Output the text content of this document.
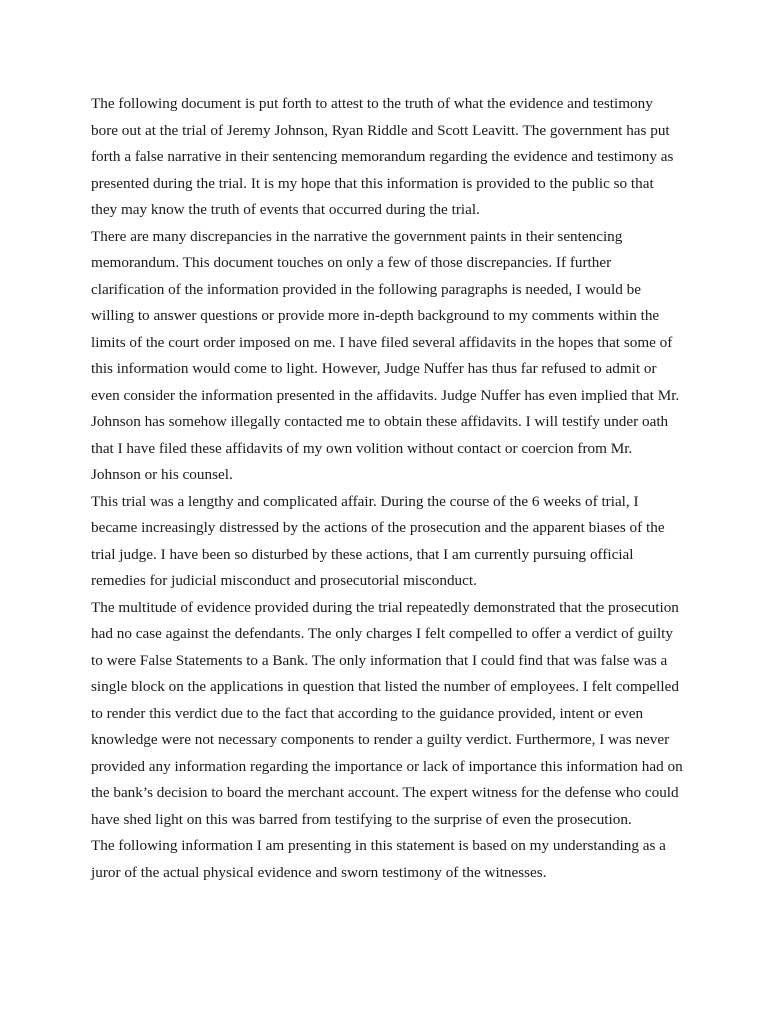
The following document is put forth to attest to the truth of what the evidence and testimony
bore out at the trial of Jeremy Johnson, Ryan Riddle and Scott Leavitt. The government has put
forth a false narrative in their sentencing memorandum regarding the evidence and testimony as
presented during the trial. It is my hope that this information is provided to the public so that
they may know the truth of events that occurred during the trial.

There are many discrepancies in the narrative the government paints in their sentencing
memorandum. This document touches on only a few of those discrepancies. If further
clarification of the information provided in the following paragraphs is needed, I would be
willing to answer questions or provide more in-depth background to my comments within the
limits of the court order imposed on me. I have filed several affidavits in the hopes that some of
this information would come to light. However, Judge Nuffer has thus far refused to admit or
even consider the information presented in the affidavits. Judge Nuffer has even implied that Mr.
Johnson has somehow illegally contacted me to obtain these affidavits. I will testify under oath
that I have filed these affidavits of my own volition without contact or coercion from Mr.
Johnson or his counsel.

This trial was a lengthy and complicated affair. During the course of the 6 weeks of trial, I
became increasingly distressed by the actions of the prosecution and the apparent biases of the
trial judge. I have been so disturbed by these actions, that I am currently pursuing official
remedies for judicial misconduct and prosecutorial misconduct.

The multitude of evidence provided during the trial repeatedly demonstrated that the prosecution
had no case against the defendants. The only charges I felt compelled to offer a verdict of guilty
to were False Statements to a Bank. The only information that I could find that was false was a
single block on the applications in question that listed the number of employees. I felt compelled
to render this verdict due to the fact that according to the guidance provided, intent or even
knowledge were not necessary components to render a guilty verdict. Furthermore, I was never
provided any information regarding the importance or lack of importance this information had on
the bank’s decision to board the merchant account. The expert witness for the defense who could
have shed light on this was barred from testifying to the surprise of even the prosecution.

The following information I am presenting in this statement is based on my understanding as a
juror of the actual physical evidence and sworn testimony of the witnesses.
